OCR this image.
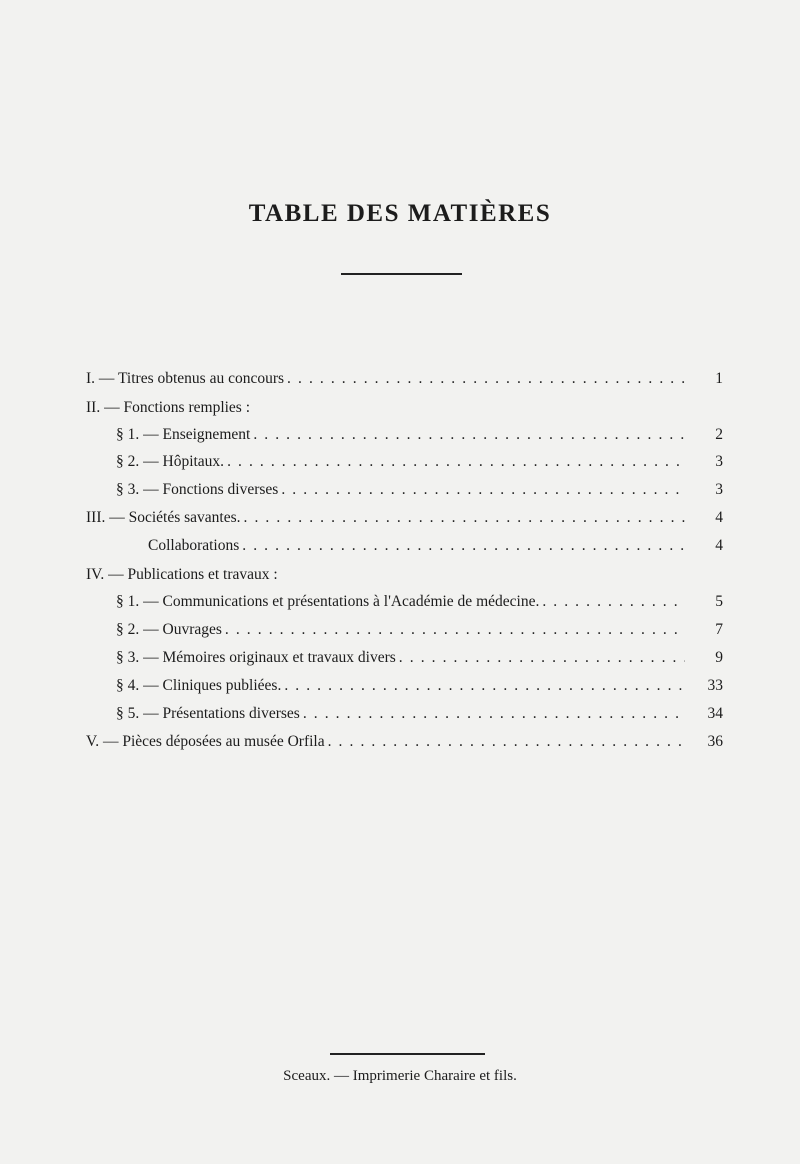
TABLE DES MATIÈRES
I. — Titres obtenus au concours . . .	1
II. — Fonctions remplies :
§ 1. — Enseignement . . .	2
§ 2. — Hôpitaux. . . .	3
§ 3. — Fonctions diverses . . .	3
III. — Sociétés savantes. . . .	4
Collaborations . . .	4
IV. — Publications et travaux :
§ 1. — Communications et présentations à l'Académie de médecine. . . .	5
§ 2. — Ouvrages . . .	7
§ 3. — Mémoires originaux et travaux divers . . .	9
§ 4. — Cliniques publiées. . . .	33
§ 5. — Présentations diverses . . .	34
V. — Pièces déposées au musée Orfila . . .	36
Sceaux. — Imprimerie Charaire et fils.
